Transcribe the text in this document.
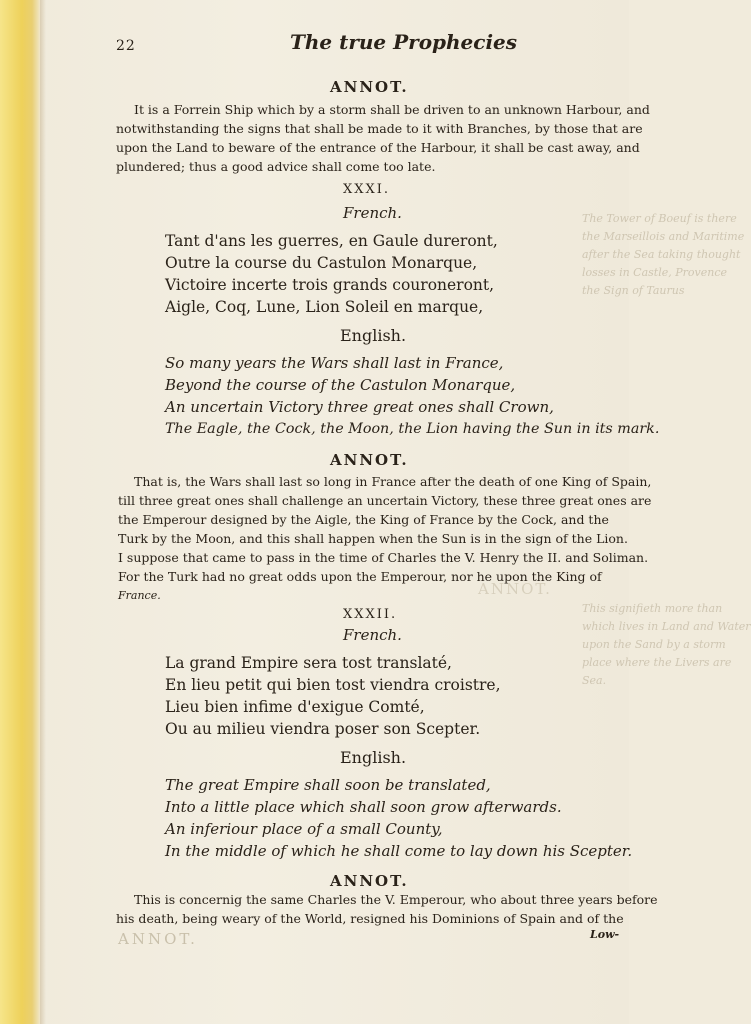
22	The true Prophecies
The Tower of Boeuf is there
the Marseillois and Maritime
after the Sea taking thought
losses in Castle, Provence
the Sign of Taurus
ANNOT.
This signifieth more than
which lives in Land and Water
upon the Sand by a storm
place where the Livers are
Sea.
ANNOT.
It is a Forrein Ship which by a storm shall be driven to an unknown Harbour, and
notwithstanding the signs that shall be made to it with Branches, by those that are
upon the Land to beware of the entrance of the Harbour, it shall be cast away, and
plundered; thus a good advice shall come too late.
XXXI.
French.
Tant d'ans les guerres, en Gaule dureront,
Outre la course du Castulon Monarque,
Victoire incerte trois grands couroneront,
Aigle, Coq, Lune, Lion Soleil en marque,
English.
So many years the Wars shall last in France,
Beyond the course of the Castulon Monarque,
An uncertain Victory three great ones shall Crown,
The Eagle, the Cock, the Moon, the Lion having the Sun in its mark.
ANNOT.
That is, the Wars shall last so long in France after the death of one King of Spain,
till three great ones shall challenge an uncertain Victory, these three great ones are
the Emperour designed by the Aigle, the King of France by the Cock, and the
Turk by the Moon, and this shall happen when the Sun is in the sign of the Lion.
I suppose that came to pass in the time of Charles the V. Henry the II. and Soliman.
For the Turk had no great odds upon the Emperour, nor he upon the King of
France.
XXXII.
French.
La grand Empire sera tost translaté,
En lieu petit qui bien tost viendra croistre,
Lieu bien infime d'exigue Comté,
Ou au milieu viendra poser son Scepter.
English.
The great Empire shall soon be translated,
Into a little place which shall soon grow afterwards.
An inferiour place of a small County,
In the middle of which he shall come to lay down his Scepter.
ANNOT.
This is concernig the same Charles the V. Emperour, who about three years before
his death, being weary of the World, resigned his Dominions of Spain and of the
Low-
ANNOT.
